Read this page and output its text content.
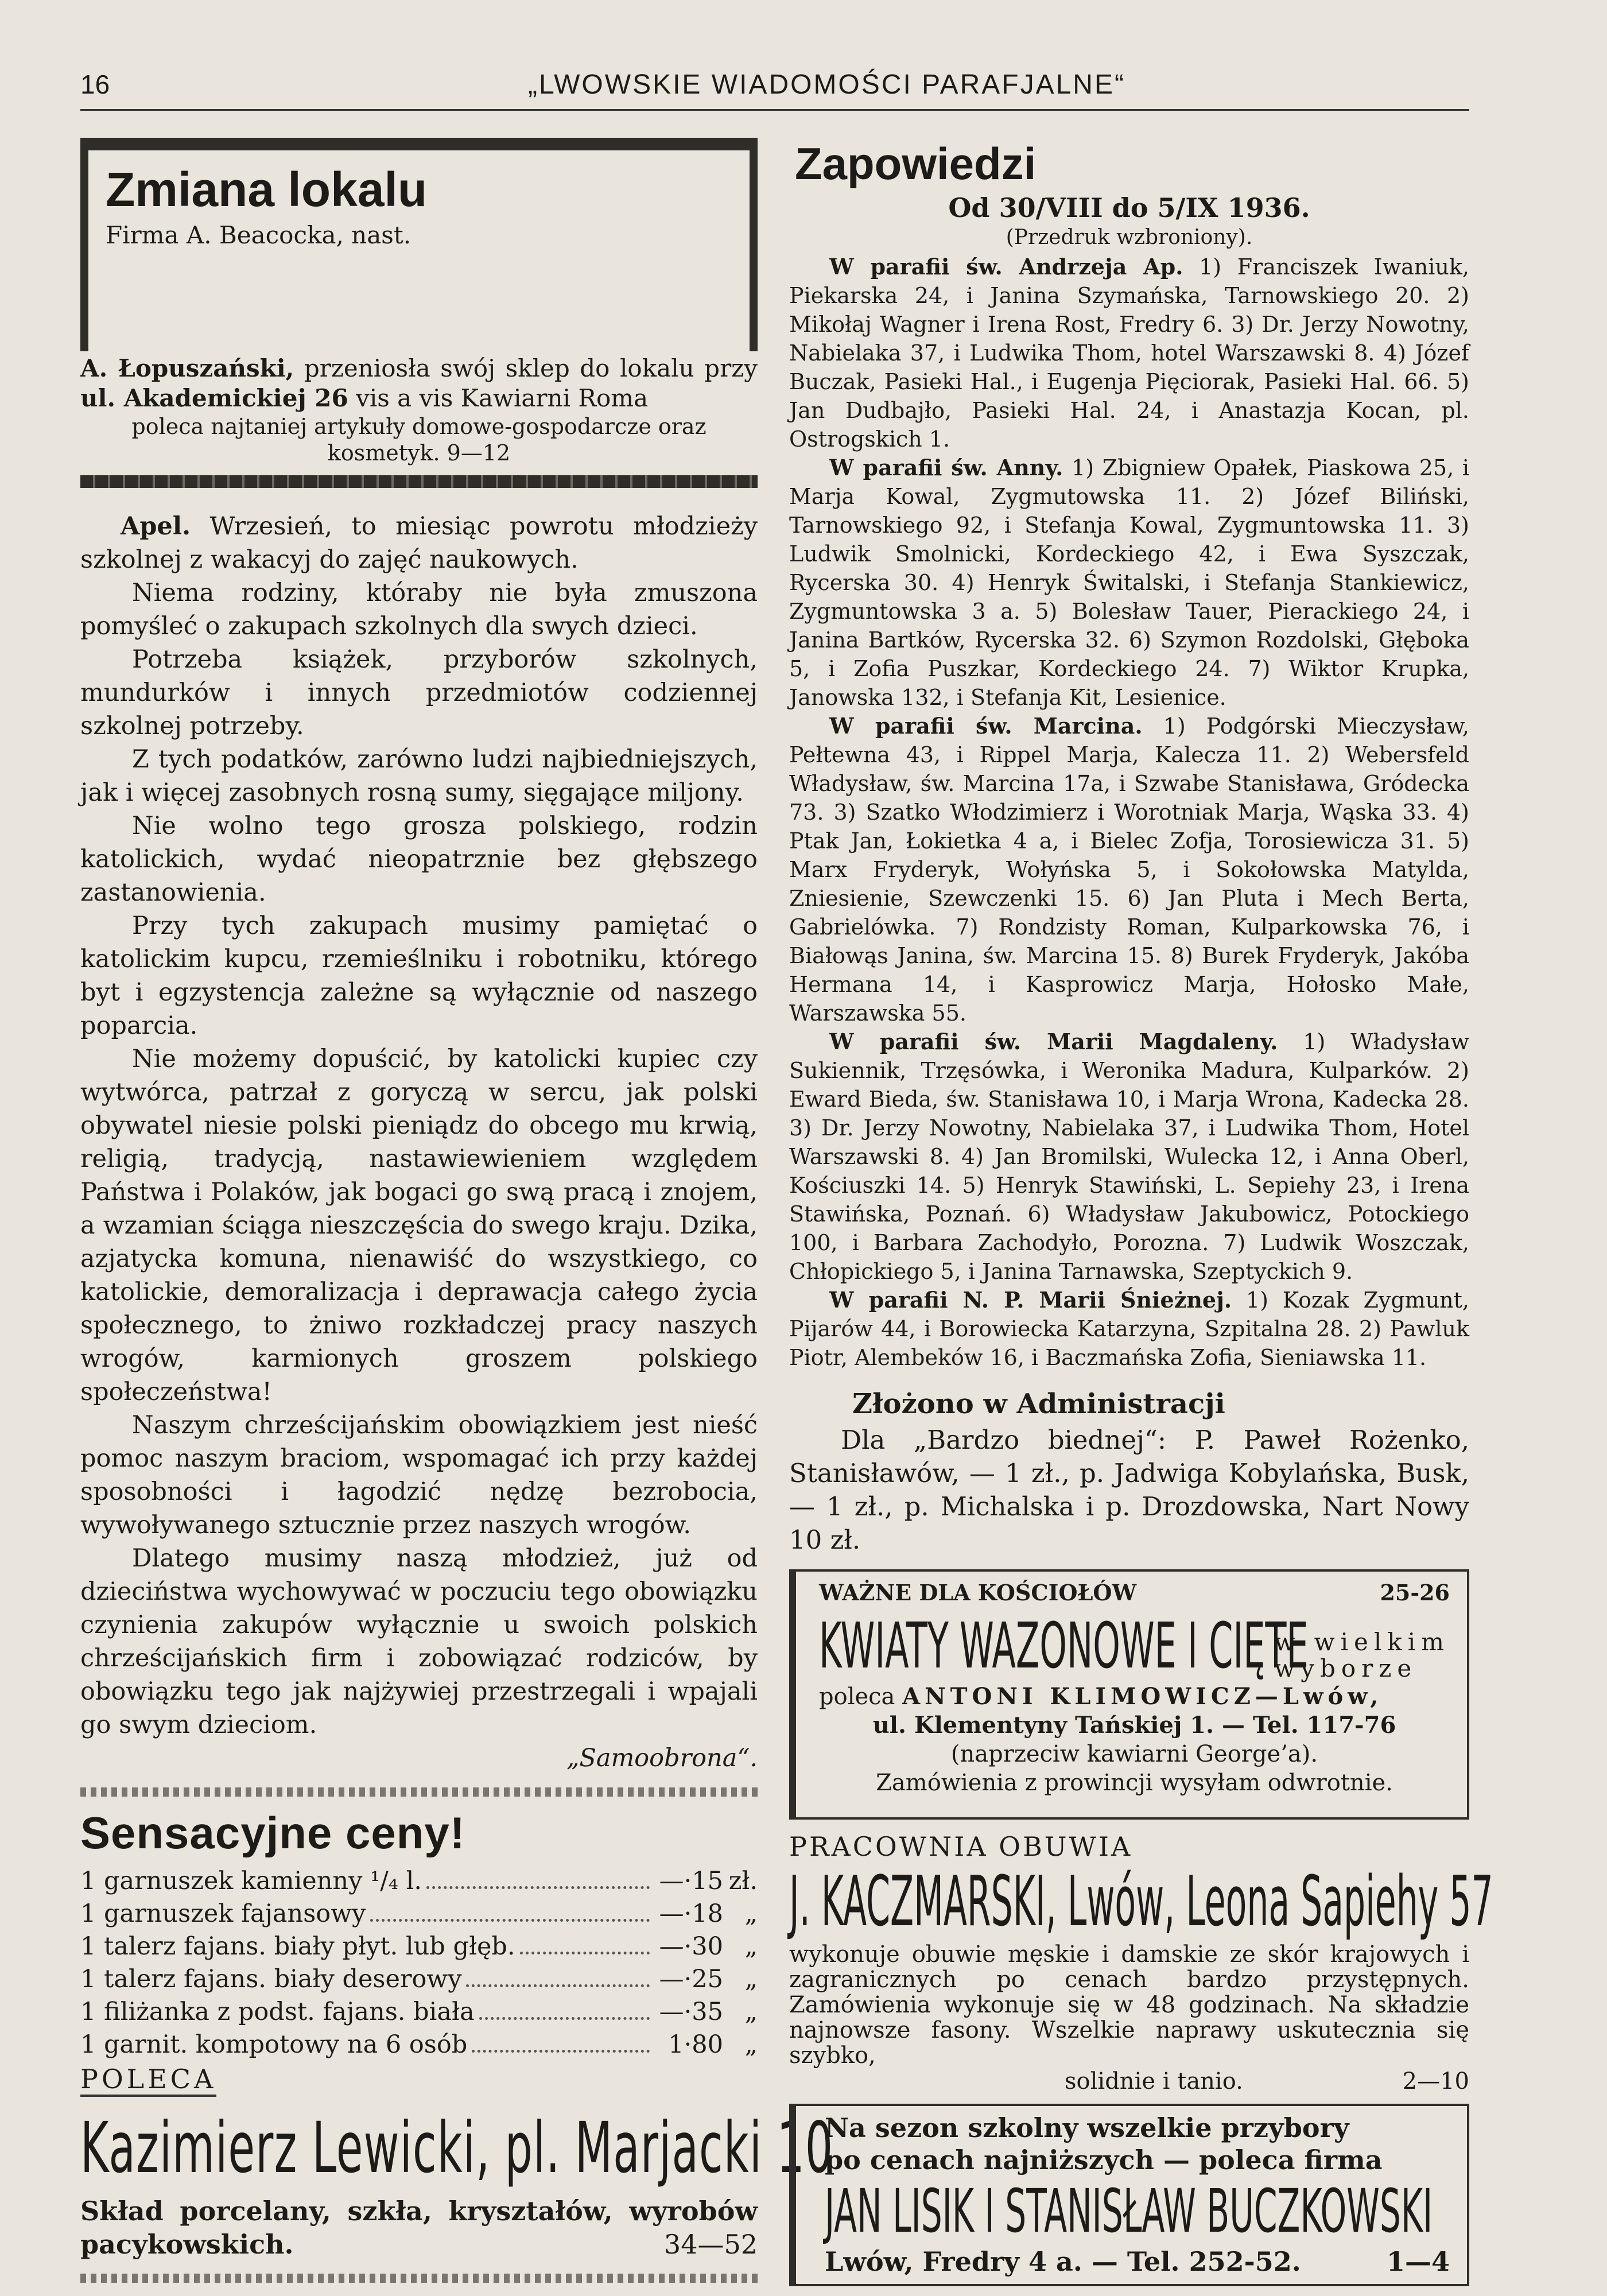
16	„LWOWSKIE WIADOMOŚCI PARAFJALNE“
Zmiana lokalu
Firma A. Beacocka, nast.
A. Łopuszański, przeniosła swój sklep do lokalu przy ul. Akademickiej 26 vis a vis Kawiarni Roma
poleca najtaniej artykuły domowe-gospodarcze oraz kosmetyk. 9—12

Apel. Wrzesień, to miesiąc powrotu młodzieży szkolnej z wakacyj do zajęć naukowych.

Niema rodziny, któraby nie była zmuszona pomyśleć o zakupach szkolnych dla swych dzieci.

Potrzeba książek, przyborów szkolnych, mundurków i innych przedmiotów codziennej szkolnej potrzeby.

Z tych podatków, zarówno ludzi najbiedniejszych, jak i więcej zasobnych rosną sumy, sięgające miljony.

Nie wolno tego grosza polskiego, rodzin katolickich, wydać nieopatrznie bez głębszego zastanowienia.

Przy tych zakupach musimy pamiętać o katolickim kupcu, rzemieślniku i robotniku, którego byt i egzystencja zależne są wyłącznie od naszego poparcia.

Nie możemy dopuścić, by katolicki kupiec czy wytwórca, patrzał z goryczą w sercu, jak polski obywatel niesie polski pieniądz do obcego mu krwią, religią, tradycją, nastawiewieniem względem Państwa i Polaków, jak bogaci go swą pracą i znojem, a wzamian ściąga nieszczęścia do swego kraju. Dzika, azjatycka komuna, nienawiść do wszystkiego, co katolickie, demoralizacja i deprawacja całego życia społecznego, to żniwo rozkładczej pracy naszych wrogów, karmionych groszem polskiego społeczeństwa!

Naszym chrześcijańskim obowiązkiem jest nieść pomoc naszym braciom, wspomagać ich przy każdej sposobności i łagodzić nędzę bezrobocia, wywoływanego sztucznie przez naszych wrogów.

Dlatego musimy naszą młodzież, już od dzieciństwa wychowywać w poczuciu tego obowiązku czynienia zakupów wyłącznie u swoich polskich chrześcijańskich firm i zobowiązać rodziców, by obowiązku tego jak najżywiej przestrzegali i wpajali go swym dzieciom.

„Samoobrona“.
Sensacyjne ceny!
1 garnuszek kamienny ¹/₄ l.	—·15 zł.
1 garnuszek fajansowy	—·18 „
1 talerz fajans. biały płyt. lub głęb.	—·30 „
1 talerz fajans. biały deserowy	—·25 „
1 filiżanka z podst. fajans. biała	—·35 „
1 garnit. kompotowy na 6 osób	1·80 „
POLECA
Kazimierz Lewicki, pl. Marjacki 10
Skład porcelany, szkła, kryształów, wyrobów pacykowskich.	34—52
Zapowiedzi
Od 30/VIII do 5/IX 1936.
(Przedruk wzbroniony).

W parafii św. Andrzeja Ap. 1) Franciszek Iwaniuk, Piekarska 24, i Janina Szymańska, Tarnowskiego 20. 2) Mikołaj Wagner i Irena Rost, Fredry 6. 3) Dr. Jerzy Nowotny, Nabielaka 37, i Ludwika Thom, hotel Warszawski 8. 4) Józef Buczak, Pasieki Hal., i Eugenja Pięciorak, Pasieki Hal. 66. 5) Jan Dudbajło, Pasieki Hal. 24, i Anastazja Kocan, pl. Ostrogskich 1.

W parafii św. Anny. 1) Zbigniew Opałek, Piaskowa 25, i Marja Kowal, Zygmutowska 11. 2) Józef Biliński, Tarnowskiego 92, i Stefanja Kowal, Zygmuntowska 11. 3) Ludwik Smolnicki, Kordeckiego 42, i Ewa Syszczak, Rycerska 30. 4) Henryk Świtalski, i Stefanja Stankiewicz, Zygmuntowska 3 a. 5) Bolesław Tauer, Pierackiego 24, i Janina Bartków, Rycerska 32. 6) Szymon Rozdolski, Głęboka 5, i Zofia Puszkar, Kordeckiego 24. 7) Wiktor Krupka, Janowska 132, i Stefanja Kit, Lesienice.

W parafii św. Marcina. 1) Podgórski Mieczysław, Pełtewna 43, i Rippel Marja, Kalecza 11. 2) Webersfeld Władysław, św. Marcina 17a, i Szwabe Stanisława, Gródecka 73. 3) Szatko Włodzimierz i Worotniak Marja, Wąska 33. 4) Ptak Jan, Łokietka 4 a, i Bielec Zofja, Torosiewicza 31. 5) Marx Fryderyk, Wołyńska 5, i Sokołowska Matylda, Zniesienie, Szewczenki 15. 6) Jan Pluta i Mech Berta, Gabrielówka. 7) Rondzisty Roman, Kulparkowska 76, i Białowąs Janina, św. Marcina 15. 8) Burek Fryderyk, Jakóba Hermana 14, i Kasprowicz Marja, Hołosko Małe, Warszawska 55.

W parafii św. Marii Magdaleny. 1) Władysław Sukiennik, Trzęsówka, i Weronika Madura, Kulparków. 2) Eward Bieda, św. Stanisława 10, i Marja Wrona, Kadecka 28. 3) Dr. Jerzy Nowotny, Nabielaka 37, i Ludwika Thom, Hotel Warszawski 8. 4) Jan Bromilski, Wulecka 12, i Anna Oberl, Kościuszki 14. 5) Henryk Stawiński, L. Sepiehy 23, i Irena Stawińska, Poznań. 6) Władysław Jakubowicz, Potockiego 100, i Barbara Zachodyło, Porozna. 7) Ludwik Woszczak, Chłopickiego 5, i Janina Tarnawska, Szeptyckich 9.

W parafii N. P. Marii Śnieżnej. 1) Kozak Zygmunt, Pijarów 44, i Borowiecka Katarzyna, Szpitalna 28. 2) Pawluk Piotr, Alembeków 16, i Baczmańska Zofia, Sieniawska 11.

Złożono w Administracji

Dla „Bardzo biednej“: P. Paweł Rożenko, Stanisławów, — 1 zł., p. Jadwiga Kobylańska, Busk, — 1 zł., p. Michalska i p. Drozdowska, Nart Nowy 10 zł.

WAŻNE DLA KOŚCIOŁÓW	25-26
KWIATY WAZONOWE I CIĘTE
w wielkim
wyborze
poleca ANTONI KLIMOWICZ—Lwów,
ul. Klementyny Tańskiej 1. — Tel. 117-76
(naprzeciw kawiarni George’a).
Zamówienia z prowincji wysyłam odwrotnie.
PRACOWNIA OBUWIA
J. KACZMARSKI, Lwów, Leona Sapiehy 57
wykonuje obuwie męskie i damskie ze skór krajowych i zagranicznych po cenach bardzo przystępnych. Zamówienia wykonuje się w 48 godzinach. Na składzie najnowsze fasony. Wszelkie naprawy uskutecznia się szybko,
solidnie i tanio.	2—10
Na sezon szkolny wszelkie przybory
po cenach najniższych — poleca firma
JAN LISIK I STANISŁAW BUCZKOWSKI
Lwów, Fredry 4 a. — Tel. 252-52.	1—4
